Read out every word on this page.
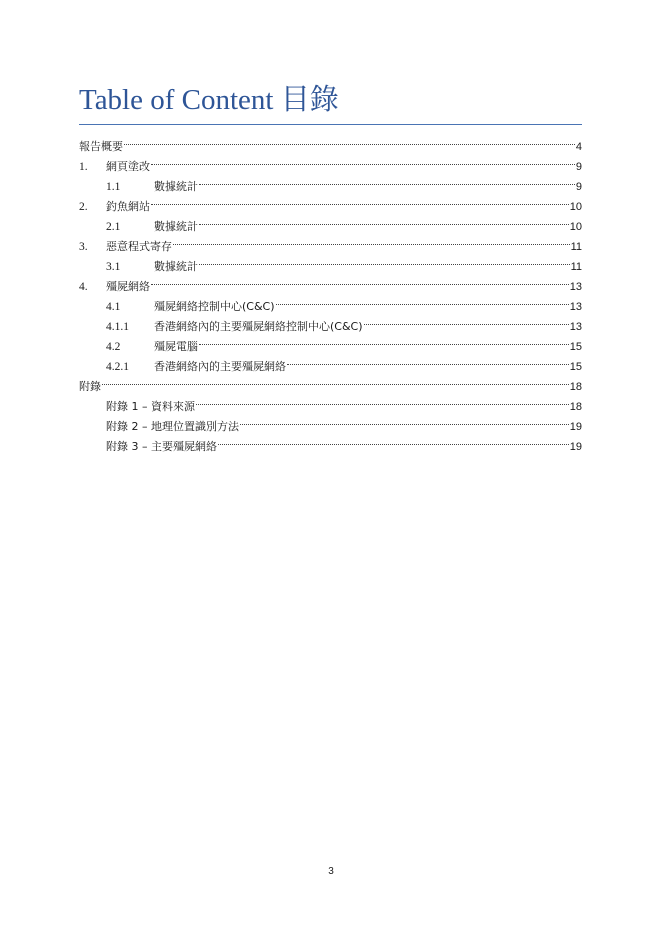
Table of Content 目錄
報告概要	4
1.	網頁塗改	9
1.1	數據統計	9
2.	釣魚網站	10
2.1	數據統計	10
3.	惡意程式寄存	11
3.1	數據統計	11
4.	殭屍網絡	13
4.1	殭屍網絡控制中心(C&C)	13
4.1.1	香港網絡內的主要殭屍網絡控制中心(C&C)	13
4.2	殭屍電腦	15
4.2.1	香港網絡內的主要殭屍網絡	15
附錄	18
附錄 1 – 資料來源	18
附錄 2 – 地理位置識別方法	19
附錄 3 – 主要殭屍網絡	19
3
